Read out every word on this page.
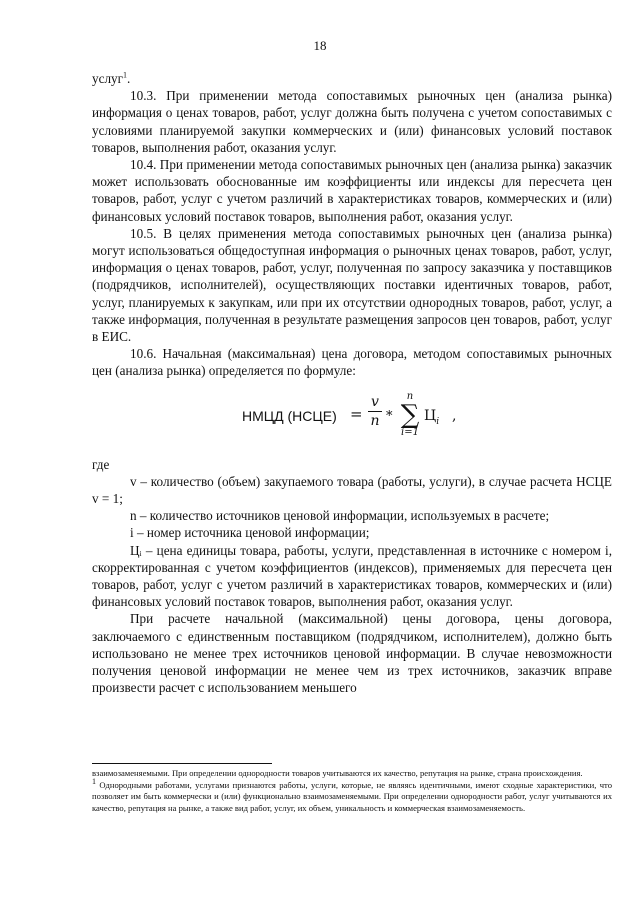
18

услуг$^1$.

10.3. При применении метода сопоставимых рыночных цен (анализа рынка) информация о ценах товаров, работ, услуг должна быть получена с учетом сопоставимых с условиями планируемой закупки коммерческих и (или) финансовых условий поставок товаров, выполнения работ, оказания услуг.

10.4. При применении метода сопоставимых рыночных цен (анализа рынка) заказчик может использовать обоснованные им коэффициенты или индексы для пересчета цен товаров, работ, услуг с учетом различий в характеристиках товаров, коммерческих и (или) финансовых условий поставок товаров, выполнения работ, оказания услуг.

10.5. В целях применения метода сопоставимых рыночных цен (анализа рынка) могут использоваться общедоступная информация о рыночных ценах товаров, работ, услуг, информация о ценах товаров, работ, услуг, полученная по запросу заказчика у поставщиков (подрядчиков, исполнителей), осуществляющих поставки идентичных товаров, работ, услуг, планируемых к закупкам, или при их отсутствии однородных товаров, работ, услуг, а также информация, полученная в результате размещения запросов цен товаров, работ, услуг в ЕИС.

10.6. Начальная (максимальная) цена договора, методом сопоставимых рыночных цен (анализа рынка) определяется по формуле:

НМЦД (НСЦЕ) =
v
n *
n
∑
i=1
$Ц_i$ ,

где

v – количество (объем) закупаемого товара (работы, услуги), в случае расчета НСЦЕ v = 1;

n – количество источников ценовой информации, используемых в расчете;

i – номер источника ценовой информации;

Цᵢ – цена единицы товара, работы, услуги, представленная в источнике с номером i, скорректированная с учетом коэффициентов (индексов), применяемых для пересчета цен товаров, работ, услуг с учетом различий в характеристиках товаров, коммерческих и (или) финансовых условий поставок товаров, выполнения работ, оказания услуг.

При расчете начальной (максимальной) цены договора, цены договора, заключаемого с единственным поставщиком (подрядчиком, исполнителем), должно быть использовано не менее трех источников ценовой информации. В случае невозможности получения ценовой информации не менее чем из трех источников, заказчик вправе произвести расчет с использованием меньшего

взаимозаменяемыми. При определении однородности товаров учитываются их качество, репутация на рынке, страна происхождения.

$^1$ Однородными работами, услугами признаются работы, услуги, которые, не являясь идентичными, имеют сходные характеристики, что позволяет им быть коммерчески и (или) функционально взаимозаменяемыми. При определении однородности работ, услуг учитываются их качество, репутация на рынке, а также вид работ, услуг, их объем, уникальность и коммерческая взаимозаменяемость.
